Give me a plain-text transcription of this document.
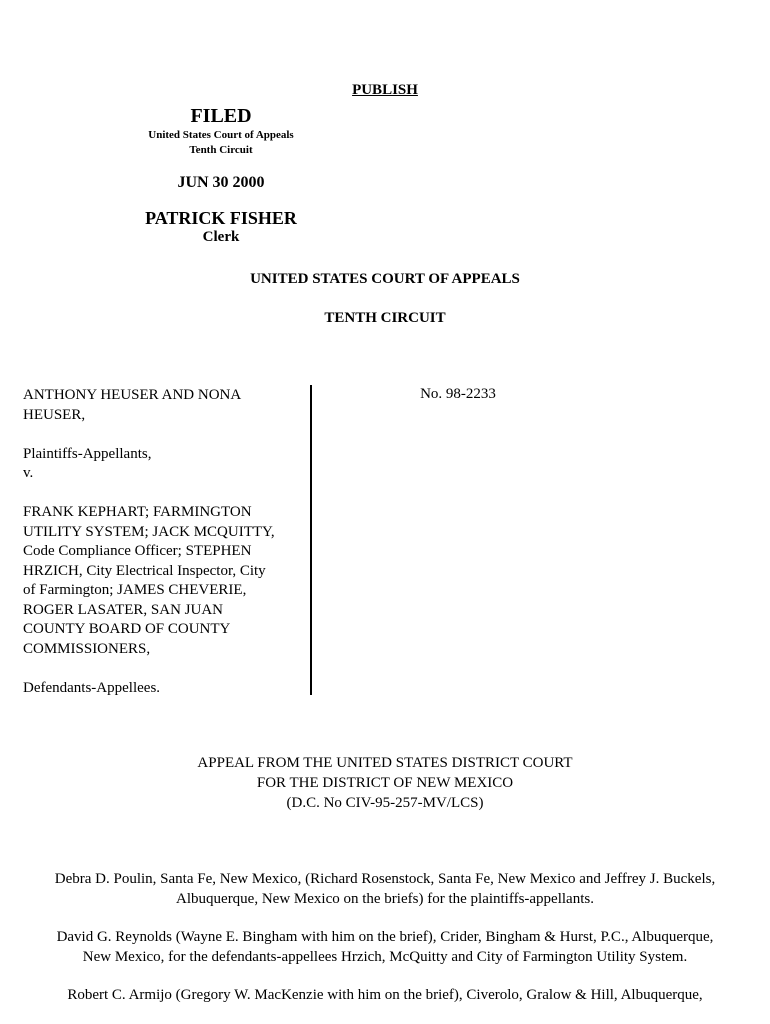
PUBLISH
FILED
United States Court of Appeals
Tenth Circuit
JUN 30 2000
PATRICK FISHER
Clerk
UNITED STATES COURT OF APPEALS
TENTH CIRCUIT
ANTHONY HEUSER AND NONA
HEUSER,
Plaintiffs-Appellants,
v.
FRANK KEPHART; FARMINGTON
UTILITY SYSTEM; JACK MCQUITTY,
Code Compliance Officer; STEPHEN
HRZICH, City Electrical Inspector, City
of Farmington; JAMES CHEVERIE,
ROGER LASATER, SAN JUAN
COUNTY BOARD OF COUNTY
COMMISSIONERS,
Defendants-Appellees.
No. 98-2233
APPEAL FROM THE UNITED STATES DISTRICT COURT
FOR THE DISTRICT OF NEW MEXICO
(D.C. No CIV-95-257-MV/LCS)
Debra D. Poulin, Santa Fe, New Mexico, (Richard Rosenstock, Santa Fe, New Mexico and Jeffrey J. Buckels,
Albuquerque, New Mexico on the briefs) for the plaintiffs-appellants.
David G. Reynolds (Wayne E. Bingham with him on the brief), Crider, Bingham & Hurst, P.C., Albuquerque,
New Mexico, for the defendants-appellees Hrzich, McQuitty and City of Farmington Utility System.
Robert C. Armijo (Gregory W. MacKenzie with him on the brief), Civerolo, Gralow & Hill, Albuquerque,
